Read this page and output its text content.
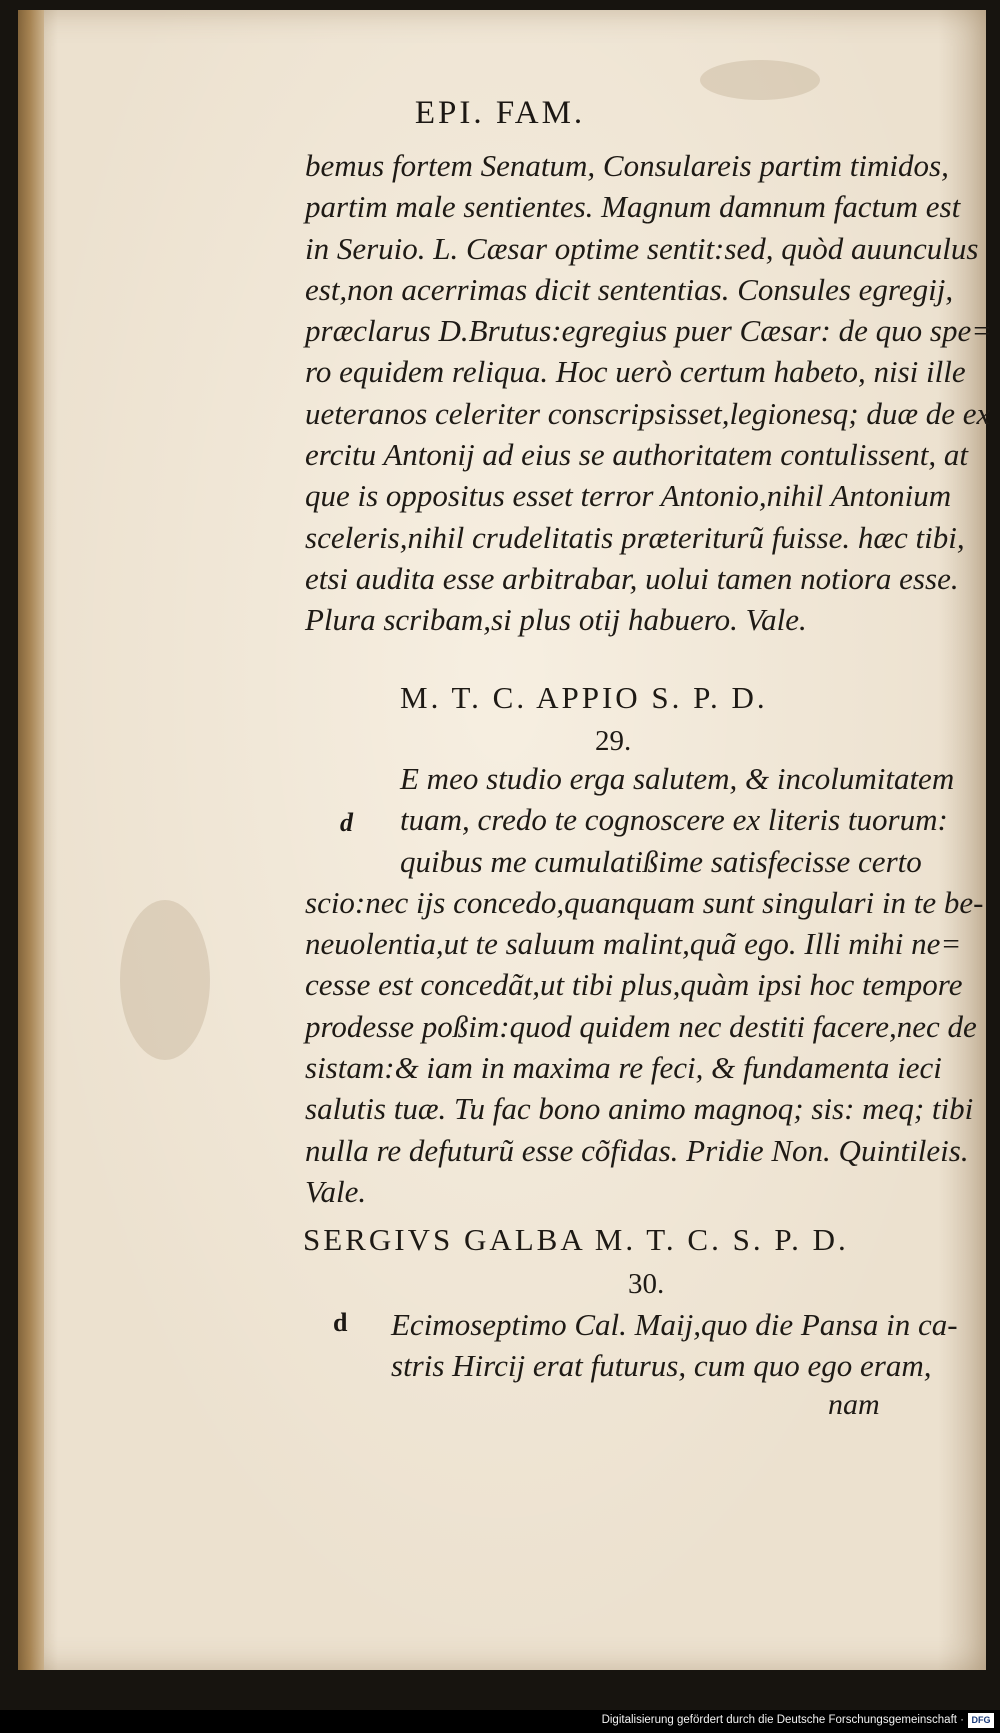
EPI. FAM.
bemus fortem Senatum, Consulareis partim timidos,
partim male sentientes. Magnum damnum factum est
in Seruio. L. Cæsar optime sentit:sed, quòd auunculus
est,non acerrimas dicit sententias. Consules egregij,
præclarus D.Brutus:egregius puer Cæsar: de quo spe=
ro equidem reliqua. Hoc uerò certum habeto, nisi ille
ueteranos celeriter conscripsisset,legionesq; duæ de ex
ercitu Antonij ad eius se authoritatem contulissent, at
que is oppositus esset terror Antonio,nihil Antonium
sceleris,nihil crudelitatis præteriturũ fuisse. hæc tibi,
etsi audita esse arbitrabar, uolui tamen notiora esse.
Plura scribam,si plus otij habuero. Vale.
M. T. C. APPIO S. P. D.
29.
d
E meo studio erga salutem, & incolumitatem
tuam, credo te cognoscere ex literis tuorum:
quibus me cumulatißime satisfecisse certo
scio:nec ijs concedo,quanquam sunt singulari in te be-
neuolentia,ut te saluum malint,quã ego. Illi mihi ne=
cesse est concedãt,ut tibi plus,quàm ipsi hoc tempore
prodesse poßim:quod quidem nec destiti facere,nec de
sistam:& iam in maxima re feci, & fundamenta ieci
salutis tuæ. Tu fac bono animo magnoq; sis: meq; tibi
nulla re defuturũ esse cõfidas. Pridie Non. Quintileis.
Vale.
SERGIVS GALBA M. T. C. S. P. D.
30.
d	Ecimoseptimo Cal. Maij,quo die Pansa in ca-
stris Hircij erat futurus, cum quo ego eram,
nam
Digitalisierung gefördert durch die Deutsche Forschungsgemeinschaft · DFG
